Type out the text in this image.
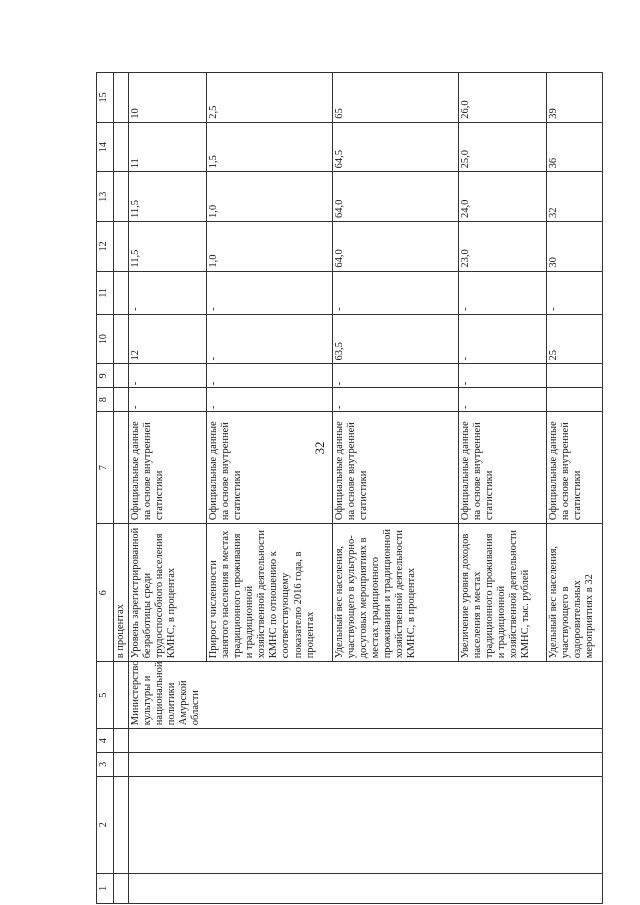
32
1	2	3	4	5	6	7	8	9	10	11	12	13	14	15
					в процентах									
				Министерство культуры и национальной политики Амурской области	Уровень зарегистрированной безработицы среди трудоспособного населения КМНС, в процентах	Официальные данные на основе внутренней статистики	-	-	12	-	11,5	11,5	11	10
					Прирост численности занятого населения в местах традиционного проживания и традиционной хозяйственной деятельности КМНС по отношению к соответствующему показателю 2016 года, в процентах	Официальные данные на основе внутренней статистики	-	-	-	-	1,0	1,0	1,5	2,5
					Удельный вес населения, участвующего в культурно-досуговых мероприятиях в местах традиционного проживания и традиционной хозяйственной деятельности КМНС, в процентах	Официальные данные на основе внутренней статистики	-	-	63,5	-	64,0	64,0	64,5	65
					Увеличение уровня доходов населения в местах традиционного проживания и традиционной хозяйственной деятельности КМНС, тыс. рублей	Официальные данные на основе внутренней статистики	-	-	-	-	23,0	24,0	25,0	26,0
					Удельный вес населения, участвующего в оздоровительных мероприятиях в 32	Официальные данные на основе внутренней статистики			25	-	30	32	36	39
